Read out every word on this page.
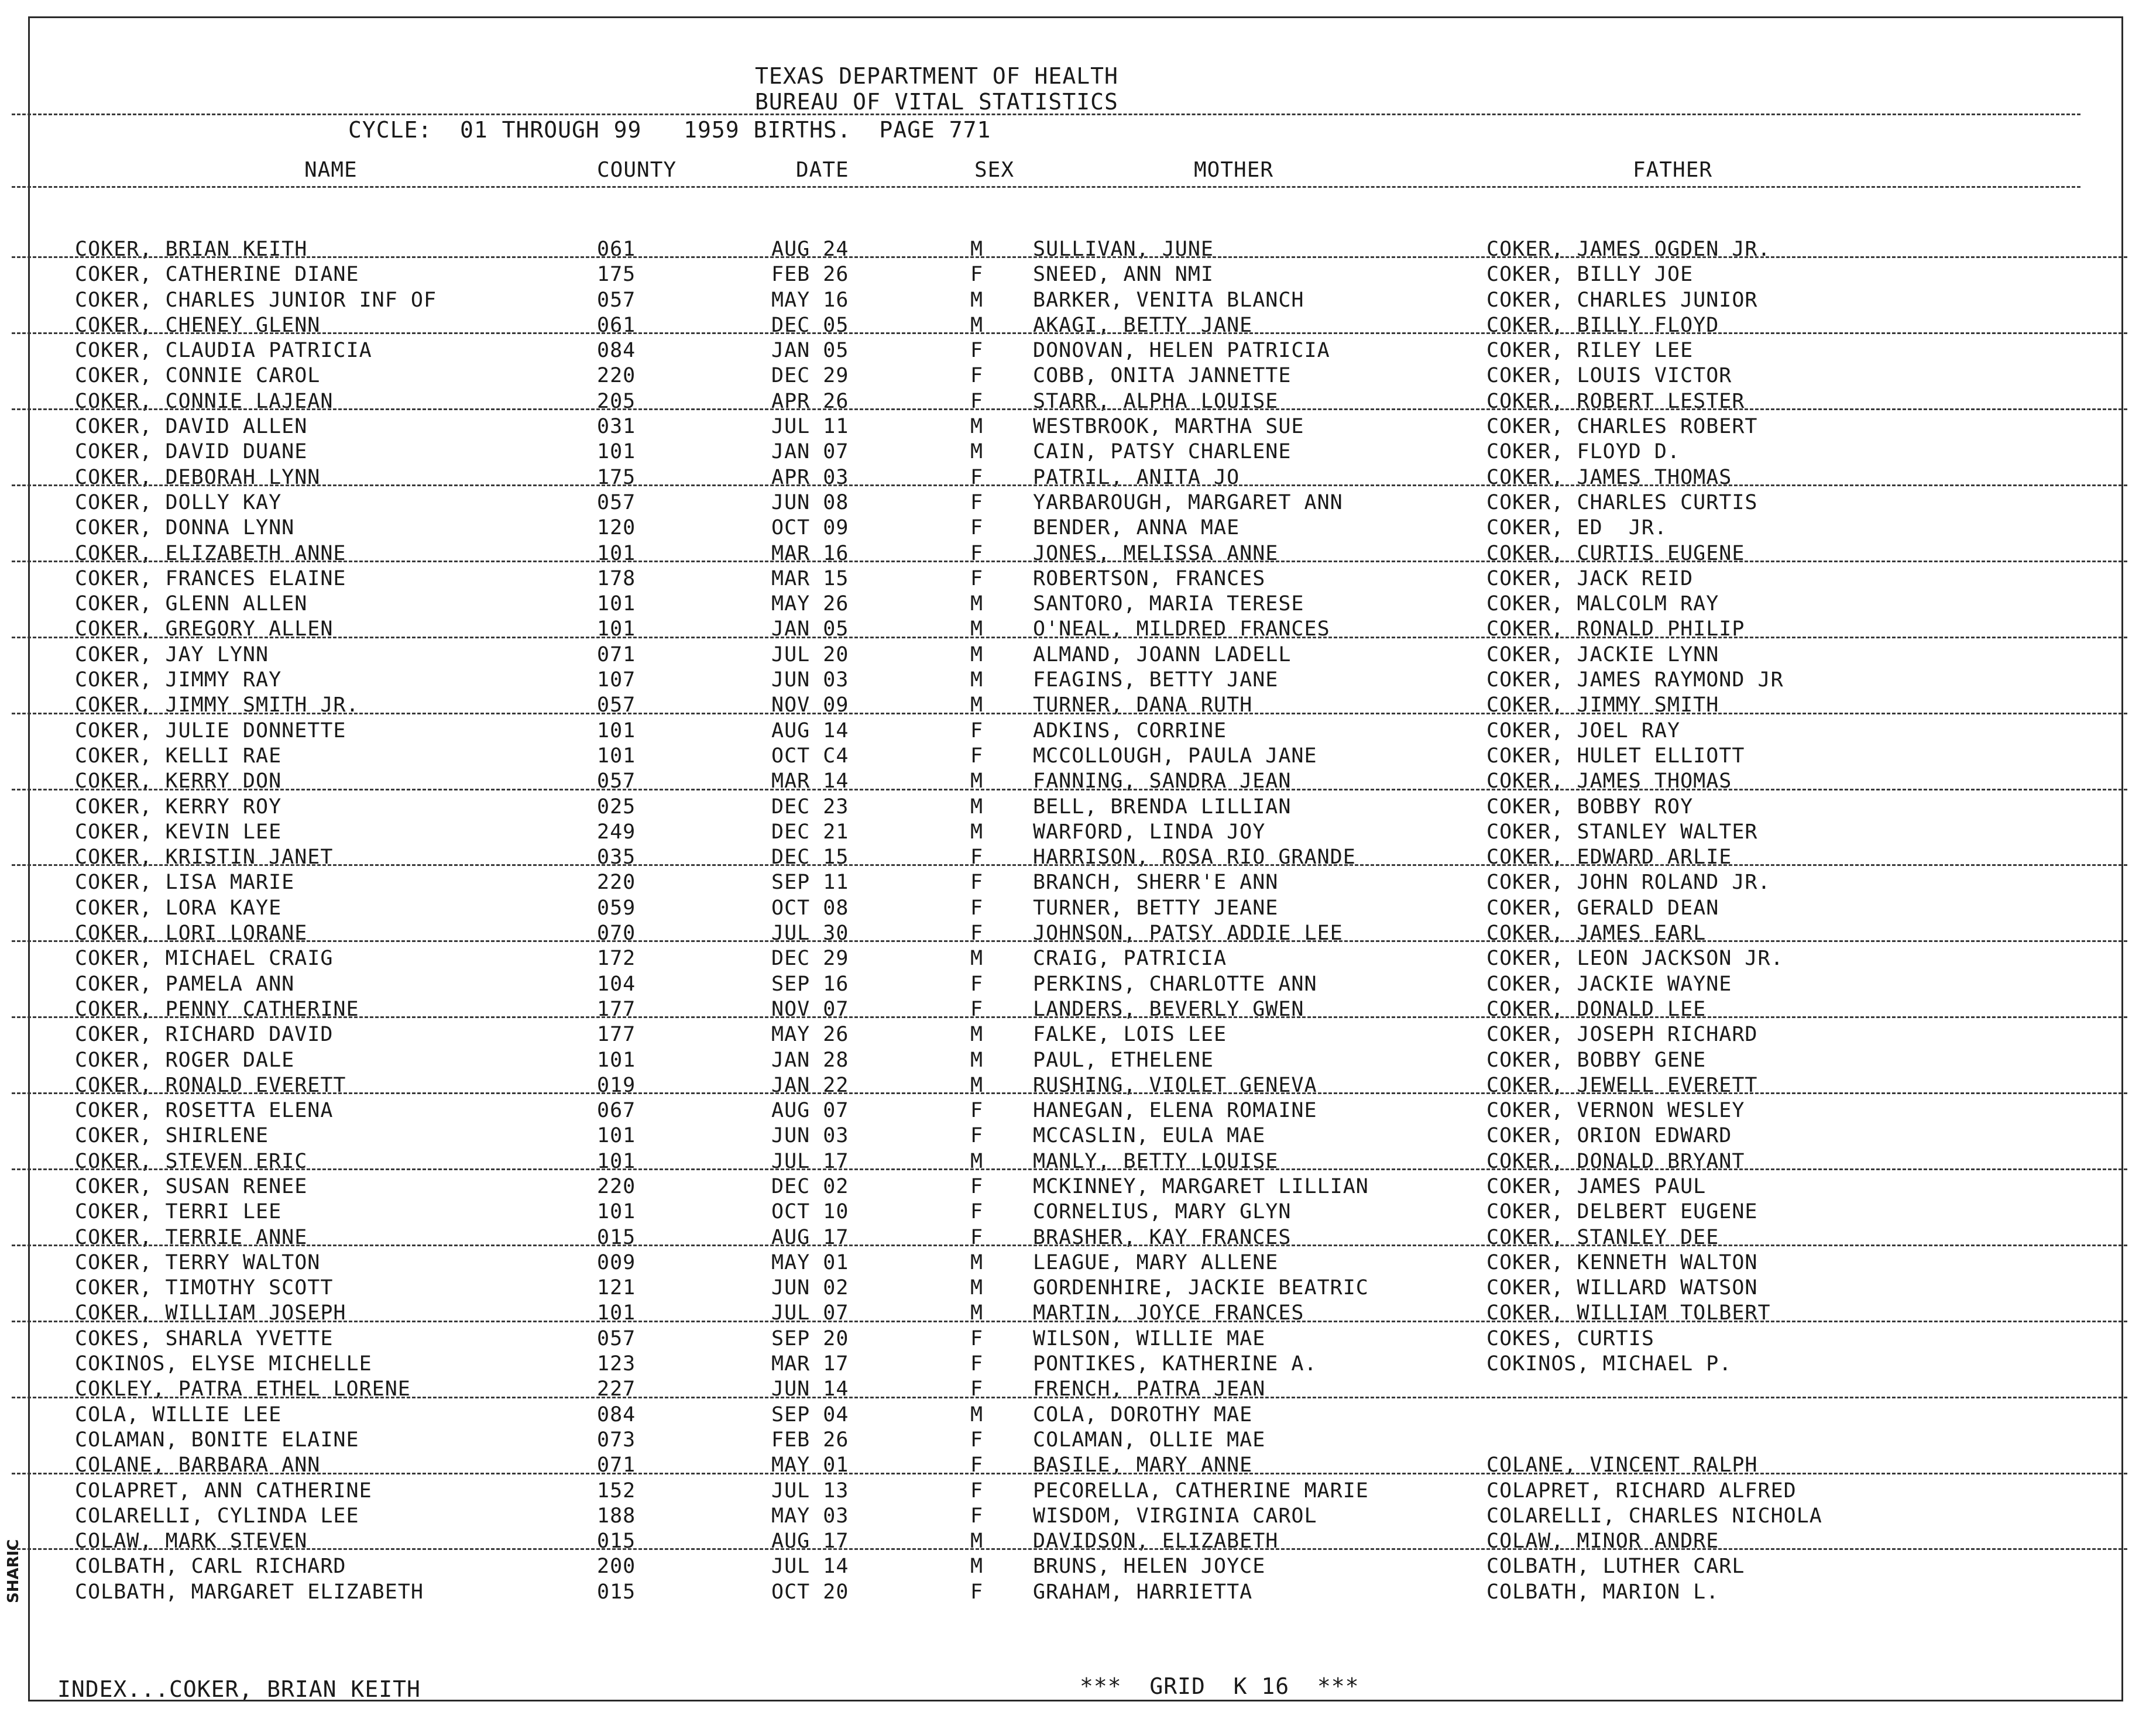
TEXAS DEPARTMENT OF HEALTH
BUREAU OF VITAL STATISTICS
CYCLE:  01 THROUGH 99   1959 BIRTHS.  PAGE 771
NAME	COUNTY	DATE	SEX	MOTHER	FATHER
COKER, BRIAN KEITH	061	AUG 24	M SULLIVAN, JUNE	COKER, JAMES OGDEN JR.
COKER, CATHERINE DIANE	175	FEB 26	F SNEED, ANN NMI	COKER, BILLY JOE
COKER, CHARLES JUNIOR INF OF	057	MAY 16	M BARKER, VENITA BLANCH	COKER, CHARLES JUNIOR
COKER, CHENEY GLENN	061	DEC 05	M AKAGI, BETTY JANE	COKER, BILLY FLOYD
COKER, CLAUDIA PATRICIA	084	JAN 05	F DONOVAN, HELEN PATRICIA	COKER, RILEY LEE
COKER, CONNIE CAROL	220	DEC 29	F COBB, ONITA JANNETTE	COKER, LOUIS VICTOR
COKER, CONNIE LAJEAN	205	APR 26	F STARR, ALPHA LOUISE	COKER, ROBERT LESTER
COKER, DAVID ALLEN	031	JUL 11	M WESTBROOK, MARTHA SUE	COKER, CHARLES ROBERT
COKER, DAVID DUANE	101	JAN 07	M CAIN, PATSY CHARLENE	COKER, FLOYD D.
COKER, DEBORAH LYNN	175	APR 03	F PATRIL, ANITA JO	COKER, JAMES THOMAS
COKER, DOLLY KAY	057	JUN 08	F YARBAROUGH, MARGARET ANN	COKER, CHARLES CURTIS
COKER, DONNA LYNN	120	OCT 09	F BENDER, ANNA MAE	COKER, ED  JR.
COKER, ELIZABETH ANNE	101	MAR 16	F JONES, MELISSA ANNE	COKER, CURTIS EUGENE
COKER, FRANCES ELAINE	178	MAR 15	F ROBERTSON, FRANCES	COKER, JACK REID
COKER, GLENN ALLEN	101	MAY 26	M SANTORO, MARIA TERESE	COKER, MALCOLM RAY
COKER, GREGORY ALLEN	101	JAN 05	M O'NEAL, MILDRED FRANCES	COKER, RONALD PHILIP
COKER, JAY LYNN	071	JUL 20	M ALMAND, JOANN LADELL	COKER, JACKIE LYNN
COKER, JIMMY RAY	107	JUN 03	M FEAGINS, BETTY JANE	COKER, JAMES RAYMOND JR
COKER, JIMMY SMITH JR.	057	NOV 09	M TURNER, DANA RUTH	COKER, JIMMY SMITH
COKER, JULIE DONNETTE	101	AUG 14	F ADKINS, CORRINE	COKER, JOEL RAY
COKER, KELLI RAE	101	OCT C4	F MCCOLLOUGH, PAULA JANE	COKER, HULET ELLIOTT
COKER, KERRY DON	057	MAR 14	M FANNING, SANDRA JEAN	COKER, JAMES THOMAS
COKER, KERRY ROY	025	DEC 23	M BELL, BRENDA LILLIAN	COKER, BOBBY ROY
COKER, KEVIN LEE	249	DEC 21	M WARFORD, LINDA JOY	COKER, STANLEY WALTER
COKER, KRISTIN JANET	035	DEC 15	F HARRISON, ROSA RIO GRANDE	COKER, EDWARD ARLIE
COKER, LISA MARIE	220	SEP 11	F BRANCH, SHERR'E ANN	COKER, JOHN ROLAND JR.
COKER, LORA KAYE	059	OCT 08	F TURNER, BETTY JEANE	COKER, GERALD DEAN
COKER, LORI LORANE	070	JUL 30	F JOHNSON, PATSY ADDIE LEE	COKER, JAMES EARL
COKER, MICHAEL CRAIG	172	DEC 29	M CRAIG, PATRICIA	COKER, LEON JACKSON JR.
COKER, PAMELA ANN	104	SEP 16	F PERKINS, CHARLOTTE ANN	COKER, JACKIE WAYNE
COKER, PENNY CATHERINE	177	NOV 07	F LANDERS, BEVERLY GWEN	COKER, DONALD LEE
COKER, RICHARD DAVID	177	MAY 26	M FALKE, LOIS LEE	COKER, JOSEPH RICHARD
COKER, ROGER DALE	101	JAN 28	M PAUL, ETHELENE	COKER, BOBBY GENE
COKER, RONALD EVERETT	019	JAN 22	M RUSHING, VIOLET GENEVA	COKER, JEWELL EVERETT
COKER, ROSETTA ELENA	067	AUG 07	F HANEGAN, ELENA ROMAINE	COKER, VERNON WESLEY
COKER, SHIRLENE	101	JUN 03	F MCCASLIN, EULA MAE	COKER, ORION EDWARD
COKER, STEVEN ERIC	101	JUL 17	M MANLY, BETTY LOUISE	COKER, DONALD BRYANT
COKER, SUSAN RENEE	220	DEC 02	F MCKINNEY, MARGARET LILLIAN	COKER, JAMES PAUL
COKER, TERRI LEE	101	OCT 10	F CORNELIUS, MARY GLYN	COKER, DELBERT EUGENE
COKER, TERRIE ANNE	015	AUG 17	F BRASHER, KAY FRANCES	COKER, STANLEY DEE
COKER, TERRY WALTON	009	MAY 01	M LEAGUE, MARY ALLENE	COKER, KENNETH WALTON
COKER, TIMOTHY SCOTT	121	JUN 02	M GORDENHIRE, JACKIE BEATRIC	COKER, WILLARD WATSON
COKER, WILLIAM JOSEPH	101	JUL 07	M MARTIN, JOYCE FRANCES	COKER, WILLIAM TOLBERT
COKES, SHARLA YVETTE	057	SEP 20	F WILSON, WILLIE MAE	COKES, CURTIS
COKINOS, ELYSE MICHELLE	123	MAR 17	F PONTIKES, KATHERINE A.	COKINOS, MICHAEL P.
COKLEY, PATRA ETHEL LORENE	227	JUN 14	F FRENCH, PATRA JEAN
COLA, WILLIE LEE	084	SEP 04	M COLA, DOROTHY MAE
COLAMAN, BONITE ELAINE	073	FEB 26	F COLAMAN, OLLIE MAE
COLANE, BARBARA ANN	071	MAY 01	F BASILE, MARY ANNE	COLANE, VINCENT RALPH
COLAPRET, ANN CATHERINE	152	JUL 13	F PECORELLA, CATHERINE MARIE	COLAPRET, RICHARD ALFRED
COLARELLI, CYLINDA LEE	188	MAY 03	F WISDOM, VIRGINIA CAROL	COLARELLI, CHARLES NICHOLA
COLAW, MARK STEVEN	015	AUG 17	M DAVIDSON, ELIZABETH	COLAW, MINOR ANDRE
COLBATH, CARL RICHARD	200	JUL 14	M BRUNS, HELEN JOYCE	COLBATH, LUTHER CARL
COLBATH, MARGARET ELIZABETH	015	OCT 20	F GRAHAM, HARRIETTA	COLBATH, MARION L.
INDEX...COKER, BRIAN KEITH	***  GRID  K 16  ***
SHARIC
